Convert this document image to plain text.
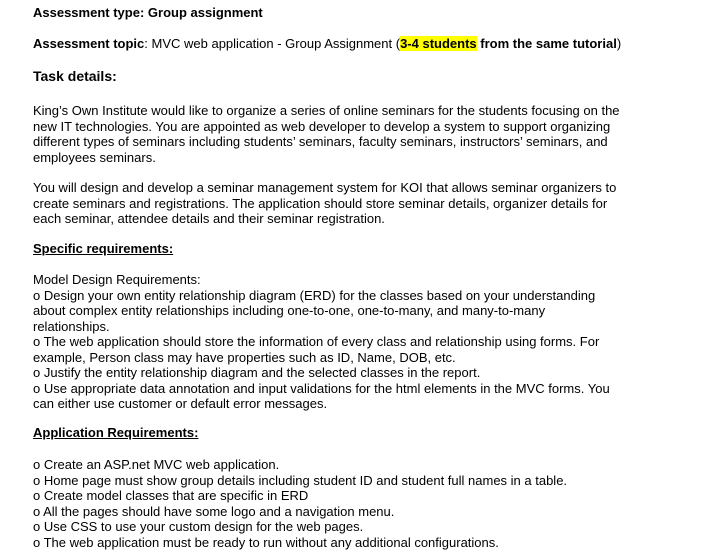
Assessment type: Group assignment
Assessment topic: MVC web application - Group Assignment (3-4 students from the same tutorial)
Task details:
King’s Own Institute would like to organize a series of online seminars for the students focusing on the
new IT technologies. You are appointed as web developer to develop a system to support organizing
different types of seminars including students’ seminars, faculty seminars, instructors’ seminars, and
employees seminars.
You will design and develop a seminar management system for KOI that allows seminar organizers to
create seminars and registrations. The application should store seminar details, organizer details for
each seminar, attendee details and their seminar registration.
Specific requirements:
Model Design Requirements:
o Design your own entity relationship diagram (ERD) for the classes based on your understanding
about complex entity relationships including one-to-one, one-to-many, and many-to-many
relationships.
o The web application should store the information of every class and relationship using forms. For
example, Person class may have properties such as ID, Name, DOB, etc.
o Justify the entity relationship diagram and the selected classes in the report.
o Use appropriate data annotation and input validations for the html elements in the MVC forms. You
can either use customer or default error messages.
Application Requirements:
o Create an ASP.net MVC web application.
o Home page must show group details including student ID and student full names in a table.
o Create model classes that are specific in ERD
o All the pages should have some logo and a navigation menu.
o Use CSS to use your custom design for the web pages.
o The web application must be ready to run without any additional configurations.
